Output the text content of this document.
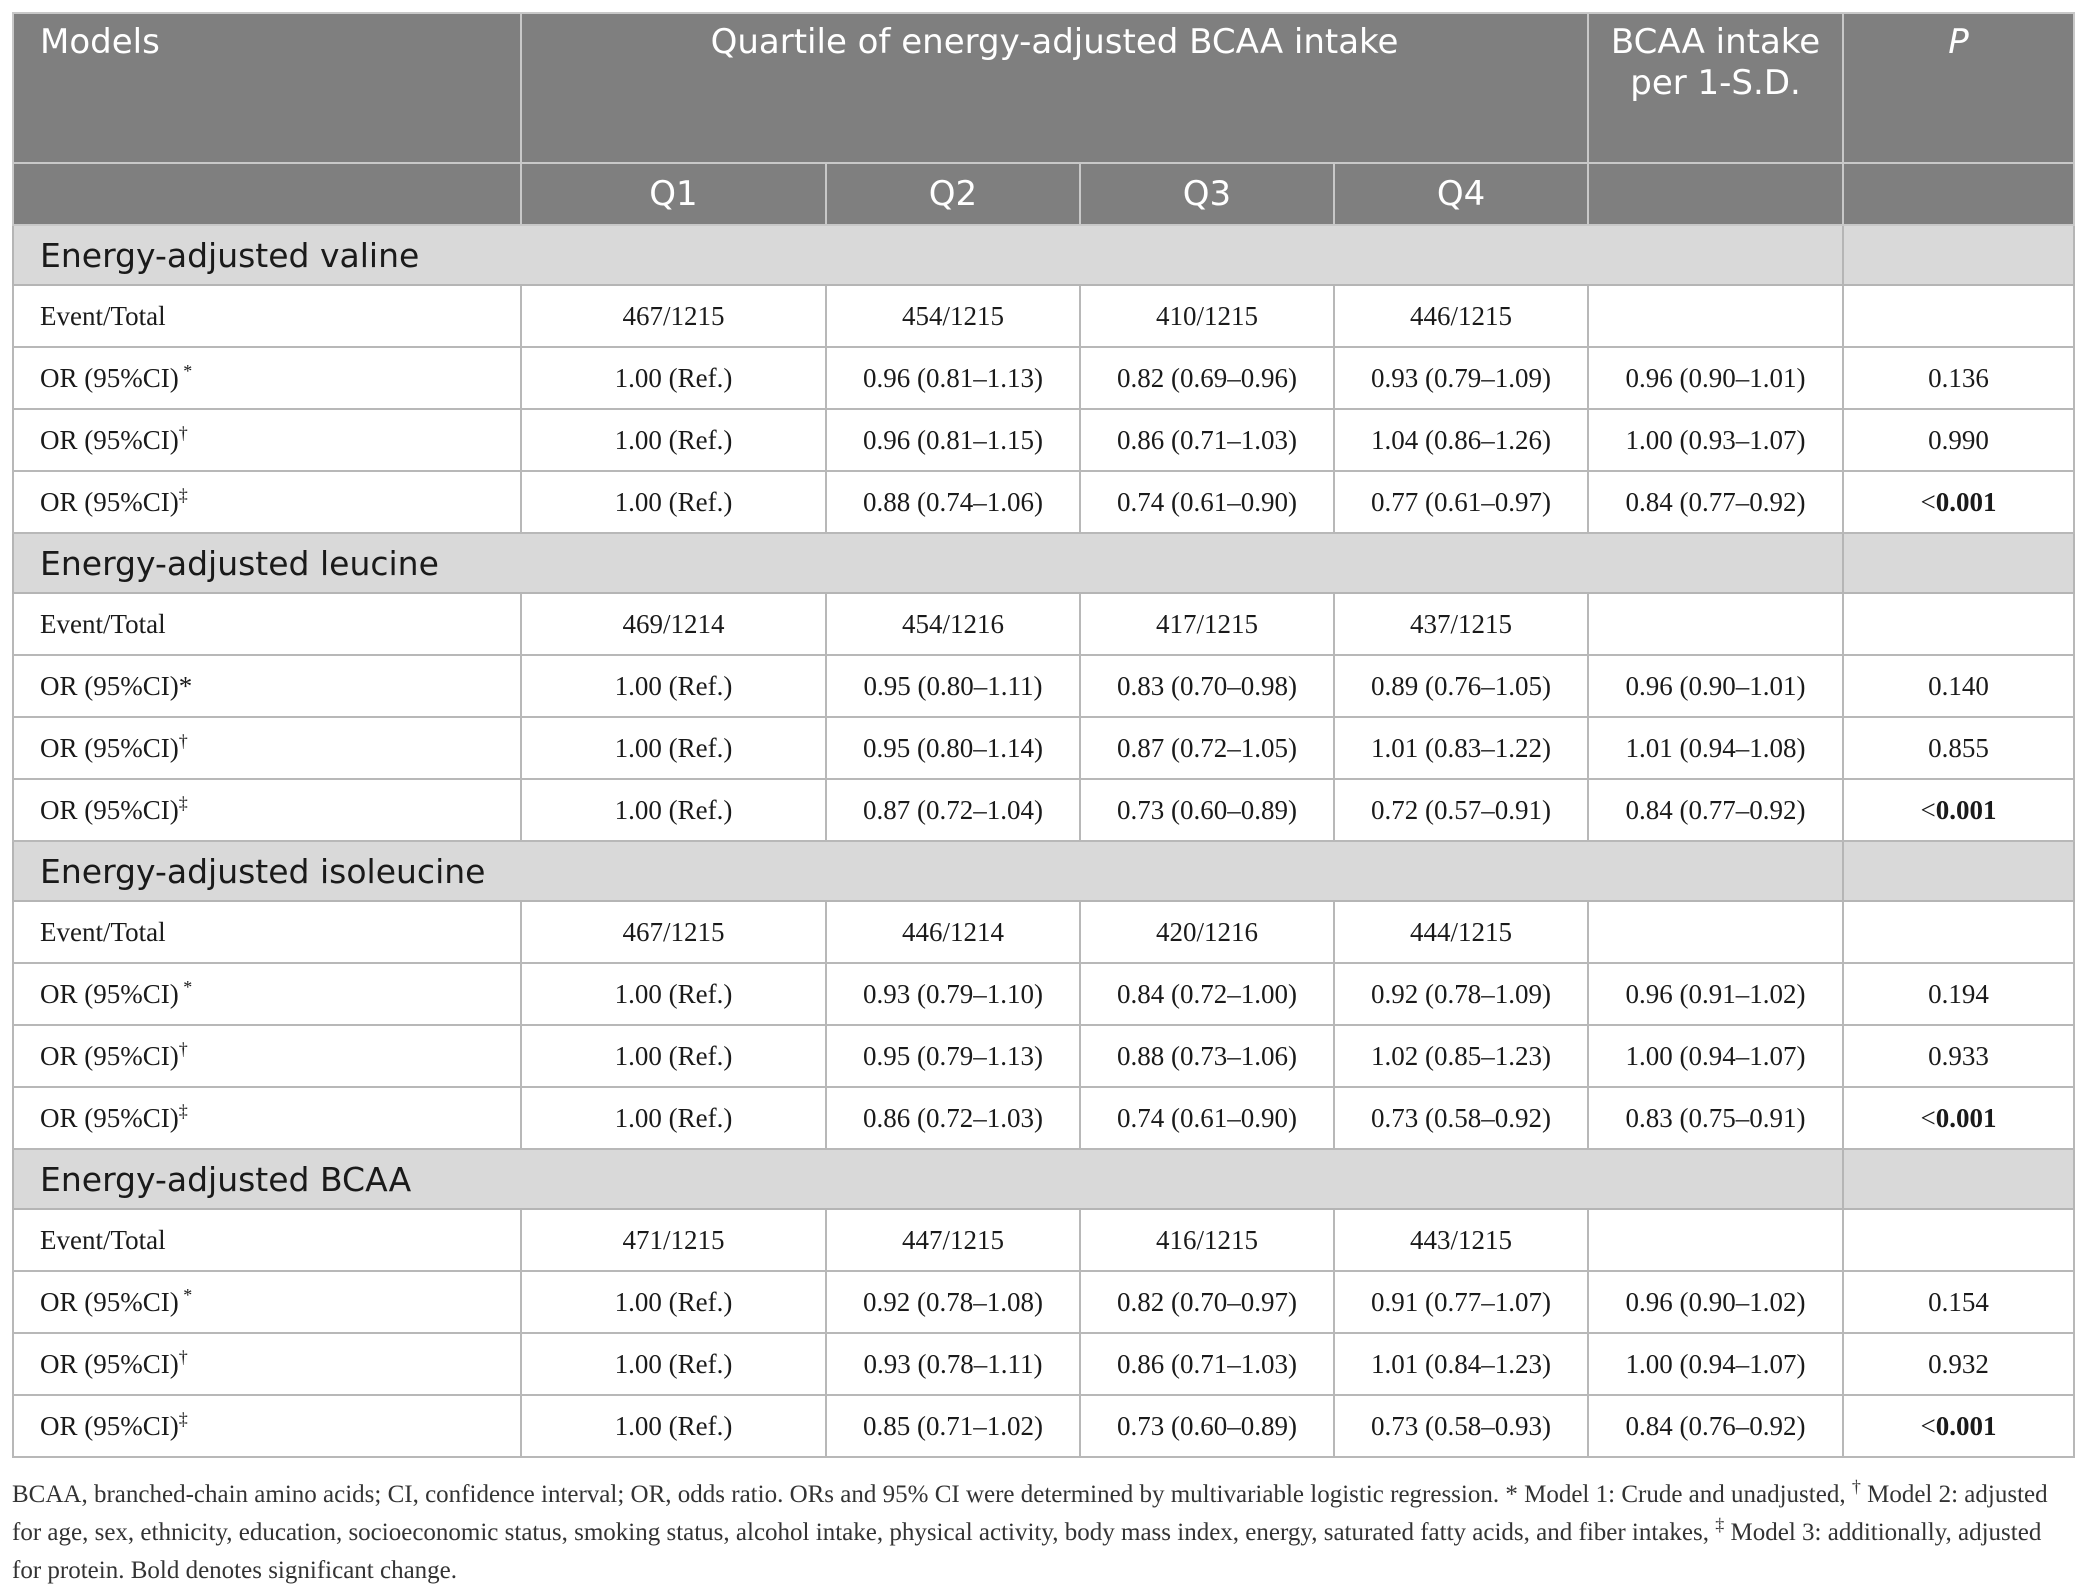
Models	Quartile of energy-adjusted BCAA intake				BCAA intake per 1-S.D.	P
	Q1	Q2	Q3	Q4		
Energy-adjusted valine						
Event/Total	467/1215	454/1215	410/1215	446/1215		
OR (95%CI) *	1.00 (Ref.)	0.96 (0.81–1.13)	0.82 (0.69–0.96)	0.93 (0.79–1.09)	0.96 (0.90–1.01)	0.136
OR (95%CI)†	1.00 (Ref.)	0.96 (0.81–1.15)	0.86 (0.71–1.03)	1.04 (0.86–1.26)	1.00 (0.93–1.07)	0.990
OR (95%CI)‡	1.00 (Ref.)	0.88 (0.74–1.06)	0.74 (0.61–0.90)	0.77 (0.61–0.97)	0.84 (0.77–0.92)	<0.001
Energy-adjusted leucine						
Event/Total	469/1214	454/1216	417/1215	437/1215		
OR (95%CI)*	1.00 (Ref.)	0.95 (0.80–1.11)	0.83 (0.70–0.98)	0.89 (0.76–1.05)	0.96 (0.90–1.01)	0.140
OR (95%CI)†	1.00 (Ref.)	0.95 (0.80–1.14)	0.87 (0.72–1.05)	1.01 (0.83–1.22)	1.01 (0.94–1.08)	0.855
OR (95%CI)‡	1.00 (Ref.)	0.87 (0.72–1.04)	0.73 (0.60–0.89)	0.72 (0.57–0.91)	0.84 (0.77–0.92)	<0.001
Energy-adjusted isoleucine						
Event/Total	467/1215	446/1214	420/1216	444/1215		
OR (95%CI) *	1.00 (Ref.)	0.93 (0.79–1.10)	0.84 (0.72–1.00)	0.92 (0.78–1.09)	0.96 (0.91–1.02)	0.194
OR (95%CI)†	1.00 (Ref.)	0.95 (0.79–1.13)	0.88 (0.73–1.06)	1.02 (0.85–1.23)	1.00 (0.94–1.07)	0.933
OR (95%CI)‡	1.00 (Ref.)	0.86 (0.72–1.03)	0.74 (0.61–0.90)	0.73 (0.58–0.92)	0.83 (0.75–0.91)	<0.001
Energy-adjusted BCAA						
Event/Total	471/1215	447/1215	416/1215	443/1215		
OR (95%CI) *	1.00 (Ref.)	0.92 (0.78–1.08)	0.82 (0.70–0.97)	0.91 (0.77–1.07)	0.96 (0.90–1.02)	0.154
OR (95%CI)†	1.00 (Ref.)	0.93 (0.78–1.11)	0.86 (0.71–1.03)	1.01 (0.84–1.23)	1.00 (0.94–1.07)	0.932
OR (95%CI)‡	1.00 (Ref.)	0.85 (0.71–1.02)	0.73 (0.60–0.89)	0.73 (0.58–0.93)	0.84 (0.76–0.92)	<0.001
BCAA, branched-chain amino acids; CI, confidence interval; OR, odds ratio. ORs and 95% CI were determined by multivariable logistic regression. * Model 1: Crude and unadjusted, † Model 2: adjusted for age, sex, ethnicity, education, socioeconomic status, smoking status, alcohol intake, physical activity, body mass index, energy, saturated fatty acids, and fiber intakes, ‡ Model 3: additionally, adjusted for protein. Bold denotes significant change.
